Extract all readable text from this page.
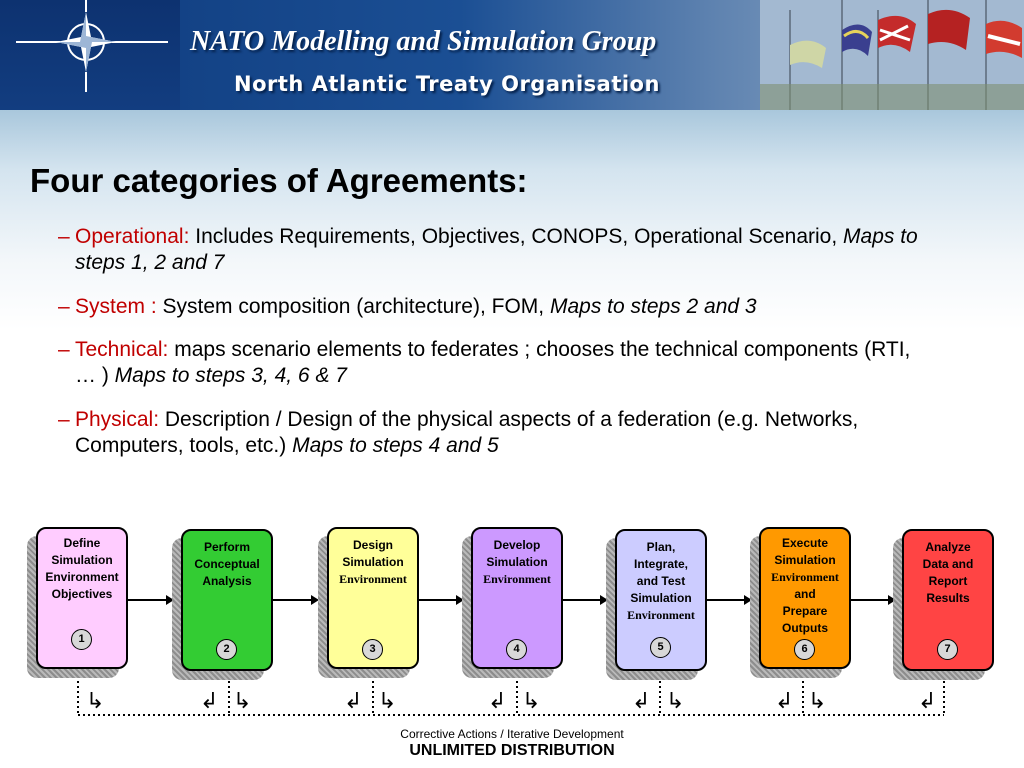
NATO Modelling and Simulation Group
North Atlantic Treaty Organisation
Four categories of Agreements:
– Operational: Includes Requirements, Objectives, CONOPS, Operational Scenario, Maps to steps 1, 2 and 7
– System : System composition (architecture), FOM, Maps to steps 2 and 3
– Technical: maps scenario elements to federates ; chooses the technical components (RTI, … ) Maps to steps 3, 4, 6 & 7
– Physical: Description / Design of the physical aspects of a federation (e.g. Networks, Computers, tools, etc.) Maps to steps 4 and 5
Define
Simulation
Environment
Objectives
1
Perform
Conceptual
Analysis
2
Design
Simulation
Environment
3
Develop
Simulation
Environment
4
Plan,
Integrate,
and Test
Simulation
Environment
5
Execute
Simulation
Environment
and
Prepare
Outputs
6
Analyze
Data and
Report
Results
7
↳	↲ ↳	↲ ↳	↲ ↳	↲ ↳	↲ ↳	↲
Corrective Actions / Iterative Development
UNLIMITED DISTRIBUTION
